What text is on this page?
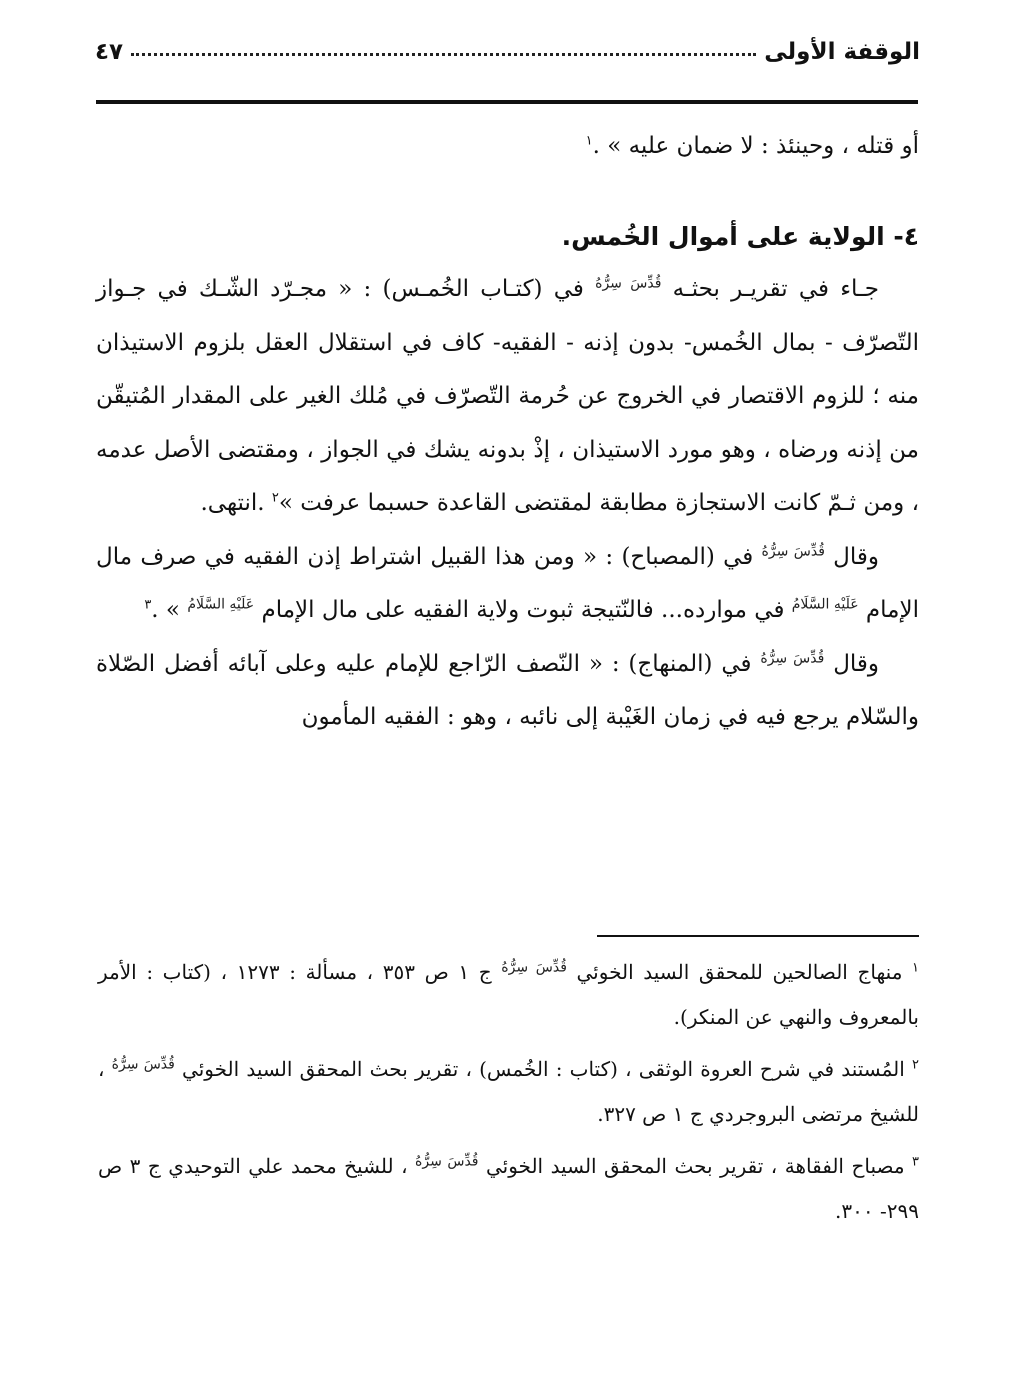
الوقفة الأولى
٤٧

أو قتله ، وحينئذ : لا ضمان عليه » .$^١$

٤- الولاية على أموال الخُمس.

جـاء في تقريـر بحثـه $^{قُدِّسَ سِرُّهُ}$ في (كتـاب الخُمـس) : « مجـرّد الشّـك في جـواز التّصرّف - بمال الخُمس- بدون إذنه - الفقيه- كاف في استقلال العقل بلزوم الاستيذان منه ؛ للزوم الاقتصار في الخروج عن حُرمة التّصرّف في مُلك الغير على المقدار المُتيقّن من إذنه ورضاه ، وهو مورد الاستيذان ، إذْ بدونه يشك في الجواز ، ومقتضى الأصل عدمه ، ومن ثـمّ كانت الاستجازة مطابقة لمقتضى القاعدة حسبما عرفت »$^٢$ .انتهى.

وقال $^{قُدِّسَ سِرُّهُ}$ في (المصباح) : « ومن هذا القبيل اشتراط إذن الفقيه في صرف مال الإمام $^{عَلَيْهِ السَّلَامُ}$ في موارده... فالنّتيجة ثبوت ولاية الفقيه على مال الإمام $^{عَلَيْهِ السَّلَامُ}$ » .$^٣$

وقال $^{قُدِّسَ سِرُّهُ}$ في (المنهاج) : « النّصف الرّاجع للإمام عليه وعلى آبائه أفضل الصّلاة والسّلام يرجع فيه في زمان الغَيْبة إلى نائبه ، وهو : الفقيه المأمون

$^١$ منهاج الصالحين للمحقق السيد الخوئي $^{قُدِّسَ سِرُّهُ}$ ج ١ ص ٣٥٣ ، مسألة : ١٢٧٣ ، (كتاب : الأمر بالمعروف والنهي عن المنكر).

$^٢$ المُستند في شرح العروة الوثقى ، (كتاب : الخُمس) ، تقرير بحث المحقق السيد الخوئي $^{قُدِّسَ سِرُّهُ}$ ، للشيخ مرتضى البروجردي ج ١ ص ٣٢٧.

$^٣$ مصباح الفقاهة ، تقرير بحث المحقق السيد الخوئي $^{قُدِّسَ سِرُّهُ}$ ، للشيخ محمد علي التوحيدي ج ٣ ص ٢٩٩- ٣٠٠.
